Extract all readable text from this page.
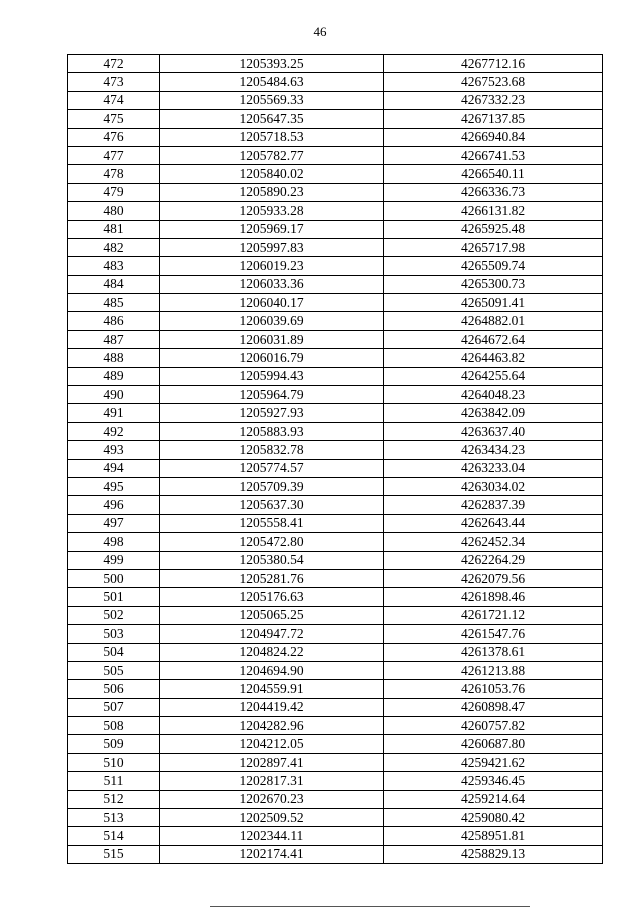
46
472	1205393.25	4267712.16
473	1205484.63	4267523.68
474	1205569.33	4267332.23
475	1205647.35	4267137.85
476	1205718.53	4266940.84
477	1205782.77	4266741.53
478	1205840.02	4266540.11
479	1205890.23	4266336.73
480	1205933.28	4266131.82
481	1205969.17	4265925.48
482	1205997.83	4265717.98
483	1206019.23	4265509.74
484	1206033.36	4265300.73
485	1206040.17	4265091.41
486	1206039.69	4264882.01
487	1206031.89	4264672.64
488	1206016.79	4264463.82
489	1205994.43	4264255.64
490	1205964.79	4264048.23
491	1205927.93	4263842.09
492	1205883.93	4263637.40
493	1205832.78	4263434.23
494	1205774.57	4263233.04
495	1205709.39	4263034.02
496	1205637.30	4262837.39
497	1205558.41	4262643.44
498	1205472.80	4262452.34
499	1205380.54	4262264.29
500	1205281.76	4262079.56
501	1205176.63	4261898.46
502	1205065.25	4261721.12
503	1204947.72	4261547.76
504	1204824.22	4261378.61
505	1204694.90	4261213.88
506	1204559.91	4261053.76
507	1204419.42	4260898.47
508	1204282.96	4260757.82
509	1204212.05	4260687.80
510	1202897.41	4259421.62
511	1202817.31	4259346.45
512	1202670.23	4259214.64
513	1202509.52	4259080.42
514	1202344.11	4258951.81
515	1202174.41	4258829.13
